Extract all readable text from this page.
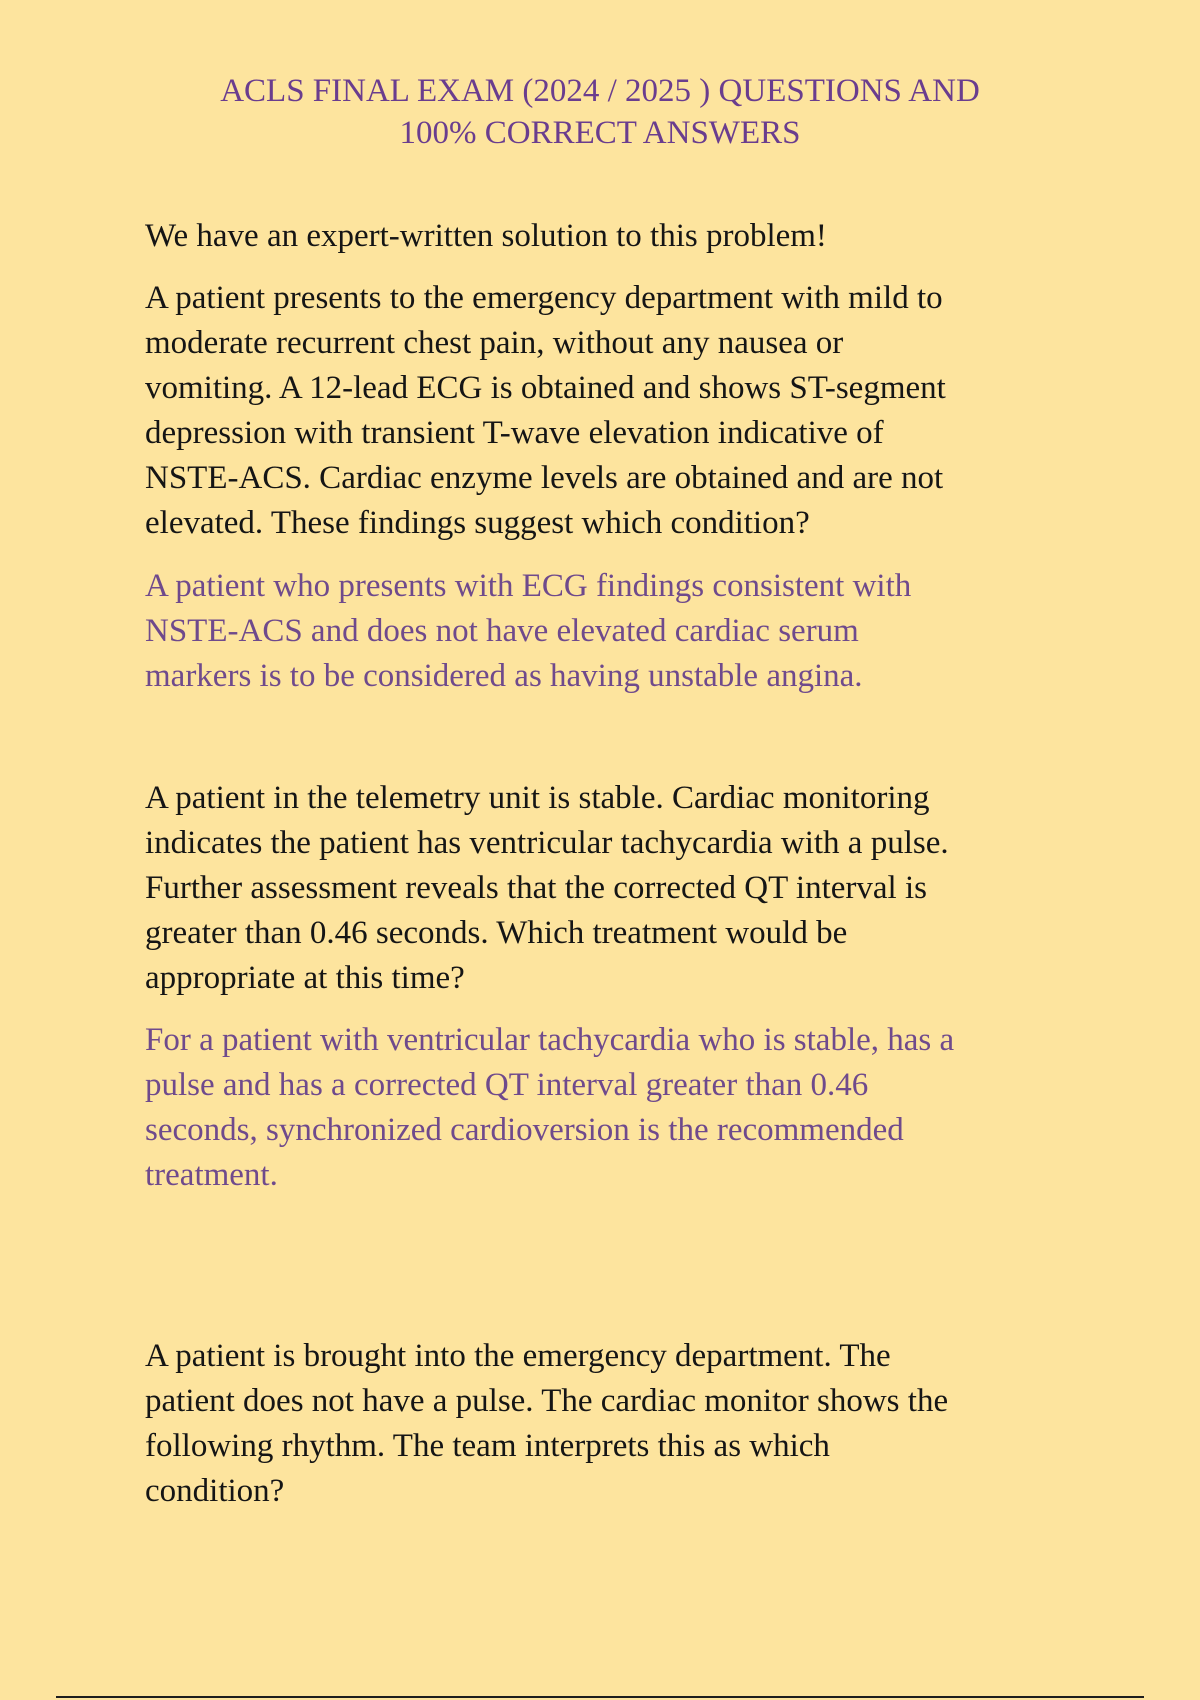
ACLS FINAL EXAM (2024 / 2025 ) QUESTIONS AND
100% CORRECT ANSWERS
We have an expert-written solution to this problem!
A patient presents to the emergency department with mild to
moderate recurrent chest pain, without any nausea or
vomiting. A 12-lead ECG is obtained and shows ST-segment
depression with transient T-wave elevation indicative of
NSTE-ACS. Cardiac enzyme levels are obtained and are not
elevated. These findings suggest which condition?
A patient who presents with ECG findings consistent with
NSTE-ACS and does not have elevated cardiac serum
markers is to be considered as having unstable angina.
A patient in the telemetry unit is stable. Cardiac monitoring
indicates the patient has ventricular tachycardia with a pulse.
Further assessment reveals that the corrected QT interval is
greater than 0.46 seconds. Which treatment would be
appropriate at this time?
For a patient with ventricular tachycardia who is stable, has a
pulse and has a corrected QT interval greater than 0.46
seconds, synchronized cardioversion is the recommended
treatment.
A patient is brought into the emergency department. The
patient does not have a pulse. The cardiac monitor shows the
following rhythm. The team interprets this as which
condition?
